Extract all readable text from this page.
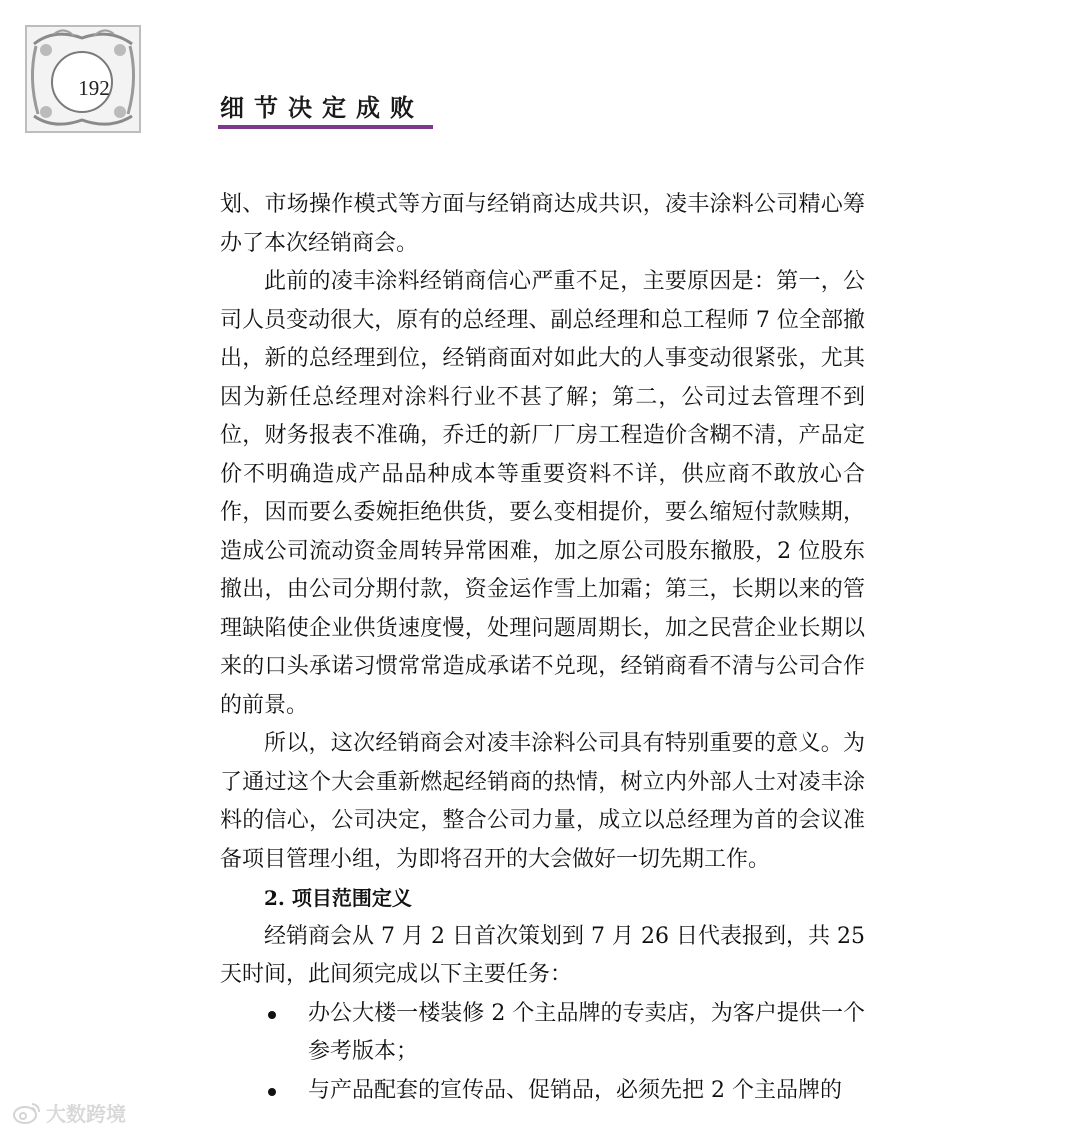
192
细节决定成败

划、市场操作模式等方面与经销商达成共识，凌丰涂料公司精心筹办了本次经销商会。

此前的凌丰涂料经销商信心严重不足，主要原因是：第一，公司人员变动很大，原有的总经理、副总经理和总工程师 7 位全部撤出，新的总经理到位，经销商面对如此大的人事变动很紧张，尤其因为新任总经理对涂料行业不甚了解；第二，公司过去管理不到位，财务报表不准确，乔迁的新厂厂房工程造价含糊不清，产品定价不明确造成产品品种成本等重要资料不详，供应商不敢放心合作，因而要么委婉拒绝供货，要么变相提价，要么缩短付款赎期，造成公司流动资金周转异常困难，加之原公司股东撤股，2 位股东撤出，由公司分期付款，资金运作雪上加霜；第三，长期以来的管理缺陷使企业供货速度慢，处理问题周期长，加之民营企业长期以来的口头承诺习惯常常造成承诺不兑现，经销商看不清与公司合作的前景。

所以，这次经销商会对凌丰涂料公司具有特别重要的意义。为了通过这个大会重新燃起经销商的热情，树立内外部人士对凌丰涂料的信心，公司决定，整合公司力量，成立以总经理为首的会议准备项目管理小组，为即将召开的大会做好一切先期工作。

2. 项目范围定义

经销商会从 7 月 2 日首次策划到 7 月 26 日代表报到，共 25 天时间，此间须完成以下主要任务：

办公大楼一楼装修 2 个主品牌的专卖店，为客户提供一个参考版本；
与产品配套的宣传品、促销品，必须先把 2 个主品牌的
大数跨境
